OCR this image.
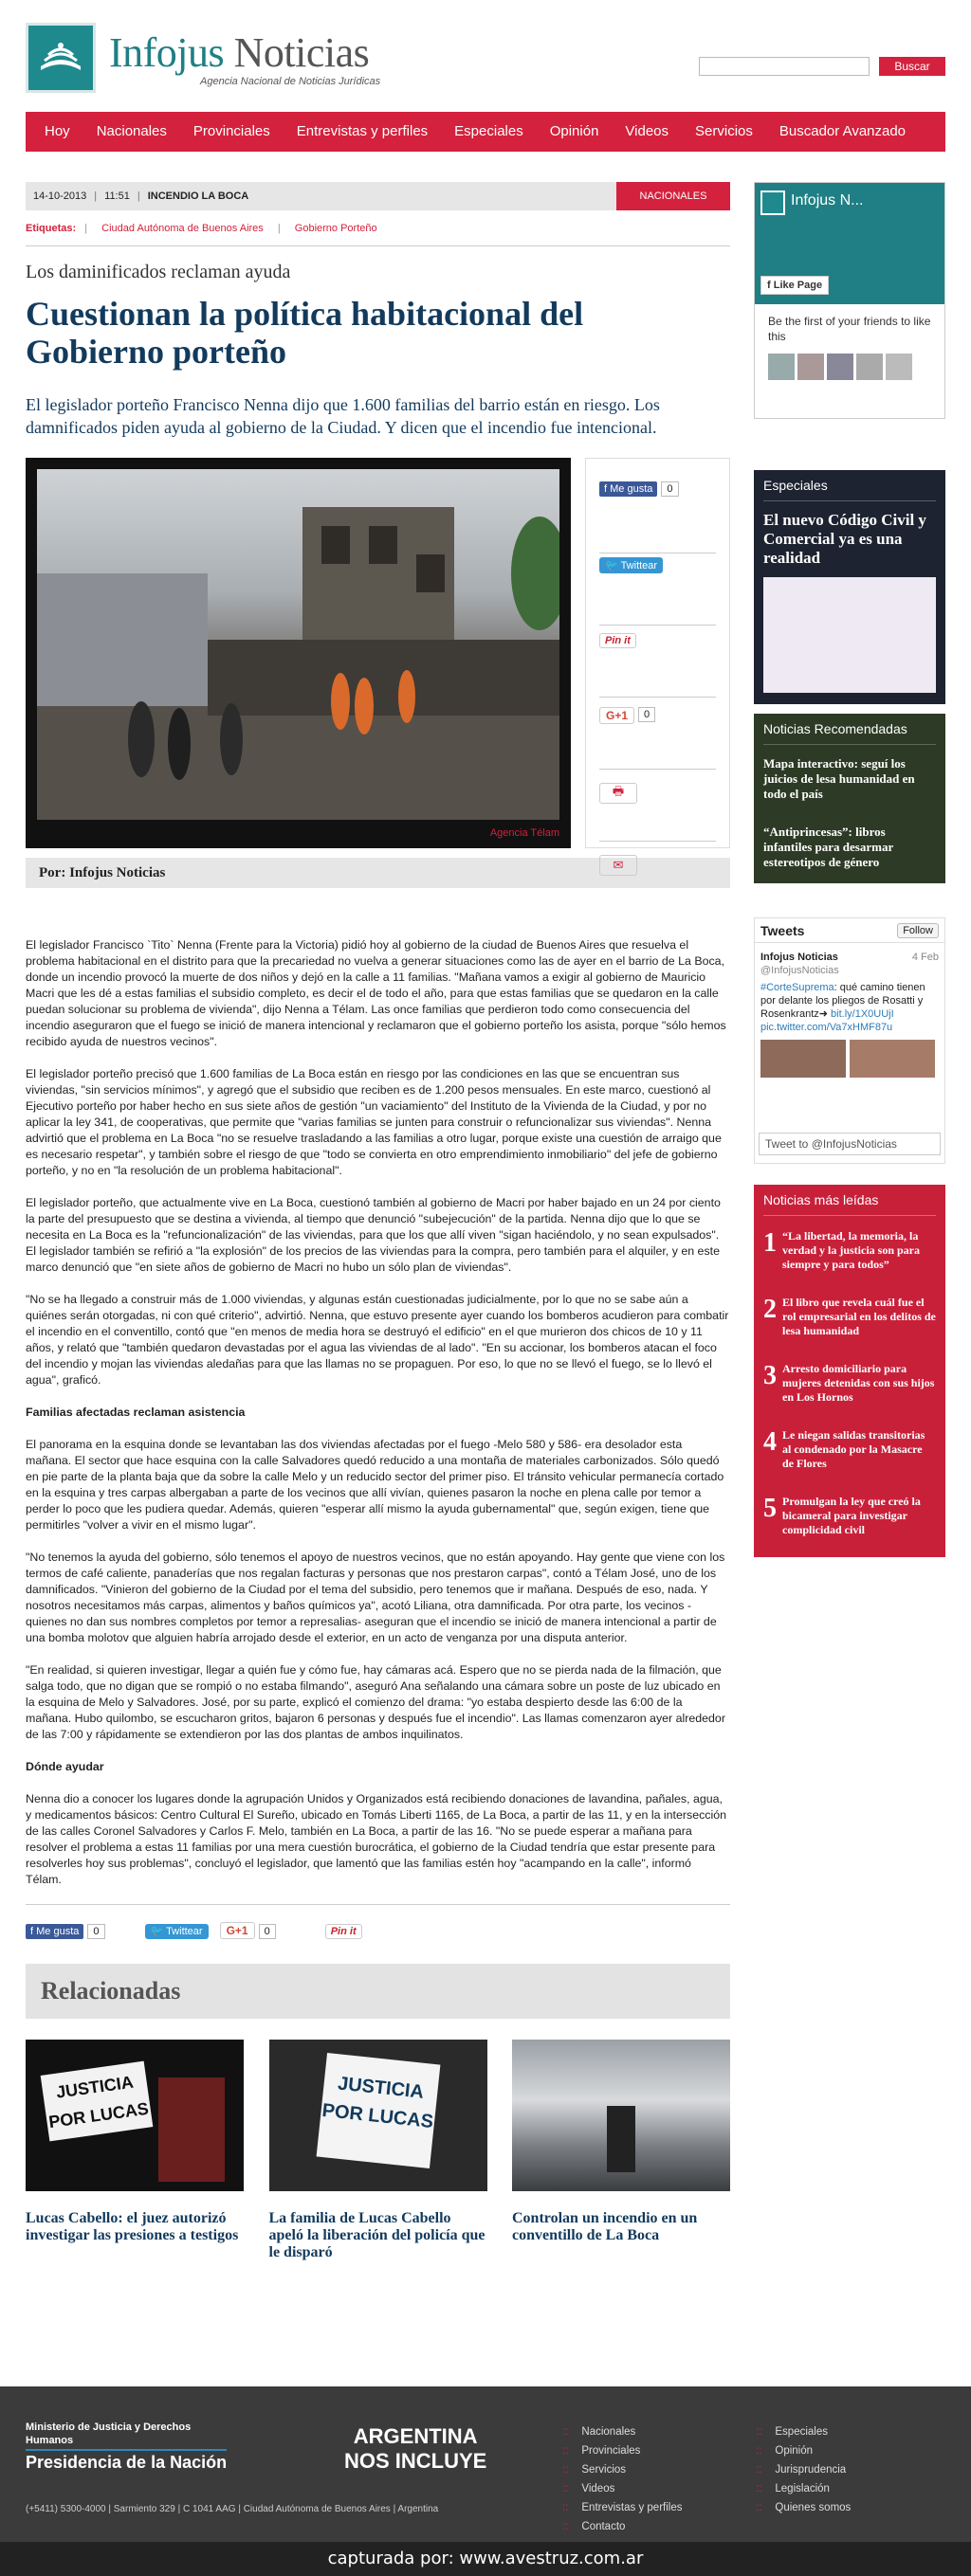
Infojus Noticias
Agencia Nacional de Noticias Jurídicas
Buscar
Hoy	Nacionales	Provinciales	Entrevistas y perfiles	Especiales	Opinión	Videos	Servicios	Buscador Avanzado
14-10-2013 | 11:51 | INCENDIO LA BOCA	NACIONALES
Etiquetas: | Ciudad Autónoma de Buenos Aires | Gobierno Porteño
Los daminificados reclaman ayuda
Cuestionan la política habitacional del Gobierno porteño
El legislador porteño Francisco Nenna dijo que 1.600 familias del barrio están en riesgo. Los damnificados piden ayuda al gobierno de la Ciudad. Y dicen que el incendio fue intencional.
Agencia Télam
f Me gusta	0
🐦 Twittear
Pin it
G+1	0
🖶
✉
Por: Infojus Noticias

El legislador Francisco `Tito` Nenna (Frente para la Victoria) pidió hoy al gobierno de la ciudad de Buenos Aires que resuelva el problema habitacional en el distrito para que la precariedad no vuelva a generar situaciones como las de ayer en el barrio de La Boca, donde un incendio provocó la muerte de dos niños y dejó en la calle a 11 familias. "Mañana vamos a exigir al gobierno de Mauricio Macri que les dé a estas familias el subsidio completo, es decir el de todo el año, para que estas familias que se quedaron en la calle puedan solucionar su problema de vivienda", dijo Nenna a Télam. Las once familias que perdieron todo como consecuencia del incendio aseguraron que el fuego se inició de manera intencional y reclamaron que el gobierno porteño los asista, porque "sólo hemos recibido ayuda de nuestros vecinos".

El legislador porteño precisó que 1.600 familias de La Boca están en riesgo por las condiciones en las que se encuentran sus viviendas, "sin servicios mínimos", y agregó que el subsidio que reciben es de 1.200 pesos mensuales. En este marco, cuestionó al Ejecutivo porteño por haber hecho en sus siete años de gestión "un vaciamiento" del Instituto de la Vivienda de la Ciudad, y por no aplicar la ley 341, de cooperativas, que permite que "varias familias se junten para construir o refuncionalizar sus viviendas". Nenna advirtió que el problema en La Boca "no se resuelve trasladando a las familias a otro lugar, porque existe una cuestión de arraigo que es necesario respetar", y también sobre el riesgo de que "todo se convierta en otro emprendimiento inmobiliario" del jefe de gobierno porteño, y no en "la resolución de un problema habitacional".

El legislador porteño, que actualmente vive en La Boca, cuestionó también al gobierno de Macri por haber bajado en un 24 por ciento la parte del presupuesto que se destina a vivienda, al tiempo que denunció "subejecución" de la partida. Nenna dijo que lo que se necesita en La Boca es la "refuncionalización" de las viviendas, para que los que allí viven "sigan haciéndolo, y no sean expulsados". El legislador también se refirió a "la explosión" de los precios de las viviendas para la compra, pero también para el alquiler, y en este marco denunció que "en siete años de gobierno de Macri no hubo un sólo plan de viviendas".

"No se ha llegado a construir más de 1.000 viviendas, y algunas están cuestionadas judicialmente, por lo que no se sabe aún a quiénes serán otorgadas, ni con qué criterio", advirtió. Nenna, que estuvo presente ayer cuando los bomberos acudieron para combatir el incendio en el conventillo, contó que "en menos de media hora se destruyó el edificio" en el que murieron dos chicos de 10 y 11 años, y relató que "también quedaron devastadas por el agua las viviendas de al lado". "En su accionar, los bomberos atacan el foco del incendio y mojan las viviendas aledañas para que las llamas no se propaguen. Por eso, lo que no se llevó el fuego, se lo llevó el agua", graficó.

Familias afectadas reclaman asistencia

El panorama en la esquina donde se levantaban las dos viviendas afectadas por el fuego -Melo 580 y 586- era desolador esta mañana. El sector que hace esquina con la calle Salvadores quedó reducido a una montaña de materiales carbonizados. Sólo quedó en pie parte de la planta baja que da sobre la calle Melo y un reducido sector del primer piso. El tránsito vehicular permanecía cortado en la esquina y tres carpas albergaban a parte de los vecinos que allí vivían, quienes pasaron la noche en plena calle por temor a perder lo poco que les pudiera quedar. Además, quieren "esperar allí mismo la ayuda gubernamental" que, según exigen, tiene que permitirles "volver a vivir en el mismo lugar".

"No tenemos la ayuda del gobierno, sólo tenemos el apoyo de nuestros vecinos, que no están apoyando. Hay gente que viene con los termos de café caliente, panaderías que nos regalan facturas y personas que nos prestaron carpas", contó a Télam José, uno de los damnificados. "Vinieron del gobierno de la Ciudad por el tema del subsidio, pero tenemos que ir mañana. Después de eso, nada. Y nosotros necesitamos más carpas, alimentos y baños químicos ya", acotó Liliana, otra damnificada. Por otra parte, los vecinos -quienes no dan sus nombres completos por temor a represalias- aseguran que el incendio se inició de manera intencional a partir de una bomba molotov que alguien habría arrojado desde el exterior, en un acto de venganza por una disputa anterior.

"En realidad, si quieren investigar, llegar a quién fue y cómo fue, hay cámaras acá. Espero que no se pierda nada de la filmación, que salga todo, que no digan que se rompió o no estaba filmando", aseguró Ana señalando una cámara sobre un poste de luz ubicado en la esquina de Melo y Salvadores. José, por su parte, explicó el comienzo del drama: "yo estaba despierto desde las 6:00 de la mañana. Hubo quilombo, se escucharon gritos, bajaron 6 personas y después fue el incendio". Las llamas comenzaron ayer alrededor de las 7:00 y rápidamente se extendieron por las dos plantas de ambos inquilinatos.

Dónde ayudar

Nenna dio a conocer los lugares donde la agrupación Unidos y Organizados está recibiendo donaciones de lavandina, pañales, agua, y medicamentos básicos: Centro Cultural El Sureño, ubicado en Tomás Liberti 1165, de La Boca, a partir de las 11, y en la intersección de las calles Coronel Salvadores y Carlos F. Melo, también en La Boca, a partir de las 16. "No se puede esperar a mañana para resolver el problema a estas 11 familias por una mera cuestión burocrática, el gobierno de la Ciudad tendría que estar presente para resolverles hoy sus problemas", concluyó el legislador, que lamentó que las familias estén hoy "acampando en la calle", informó Télam.

f Me gusta 0	🐦 Twittear	G+1 0	Pin it
Relacionadas
JUSTICIA POR LUCAS
Lucas Cabello: el juez autorizó investigar las presiones a testigos
JUSTICIA POR LUCAS
La familia de Lucas Cabello apeló la liberación del policía que le disparó
Controlan un incendio en un conventillo de La Boca
Infojus N...
f Like Page
Be the first of your friends to like this
Especiales
El nuevo Código Civil y Comercial ya es una realidad
Noticias Recomendadas
Mapa interactivo: seguí los juicios de lesa humanidad en todo el país
“Antiprincesas”: libros infantiles para desarmar estereotipos de género
Tweets	Follow
Infojus Noticias	4 Feb
@InfojusNoticias
#CorteSuprema: qué camino tienen por delante los pliegos de Rosatti y Rosenkrantz➜ bit.ly/1X0UUjI pic.twitter.com/Va7xHMF87u
Tweet to @InfojusNoticias
Noticias más leídas
1 “La libertad, la memoria, la verdad y la justicia son para siempre y para todos”
2 El libro que revela cuál fue el rol empresarial en los delitos de lesa humanidad
3 Arresto domiciliario para mujeres detenidas con sus hijos en Los Hornos
4 Le niegan salidas transitorias al condenado por la Masacre de Flores
5 Promulgan la ley que creó la bicameral para investigar complicidad civil
Ministerio de Justicia y Derechos Humanos
Presidencia de la Nación
(+5411) 5300-4000 | Sarmiento 329 | C 1041 AAG | Ciudad Autónoma de Buenos Aires | Argentina
ARGENTINA
NOS INCLUYE
:: Nacionales
:: Provinciales
:: Servicios
:: Videos
:: Entrevistas y perfiles
:: Contacto
:: Especiales
:: Opinión
:: Jurisprudencia
:: Legislación
:: Quienes somos
capturada por: www.avestruz.com.ar
